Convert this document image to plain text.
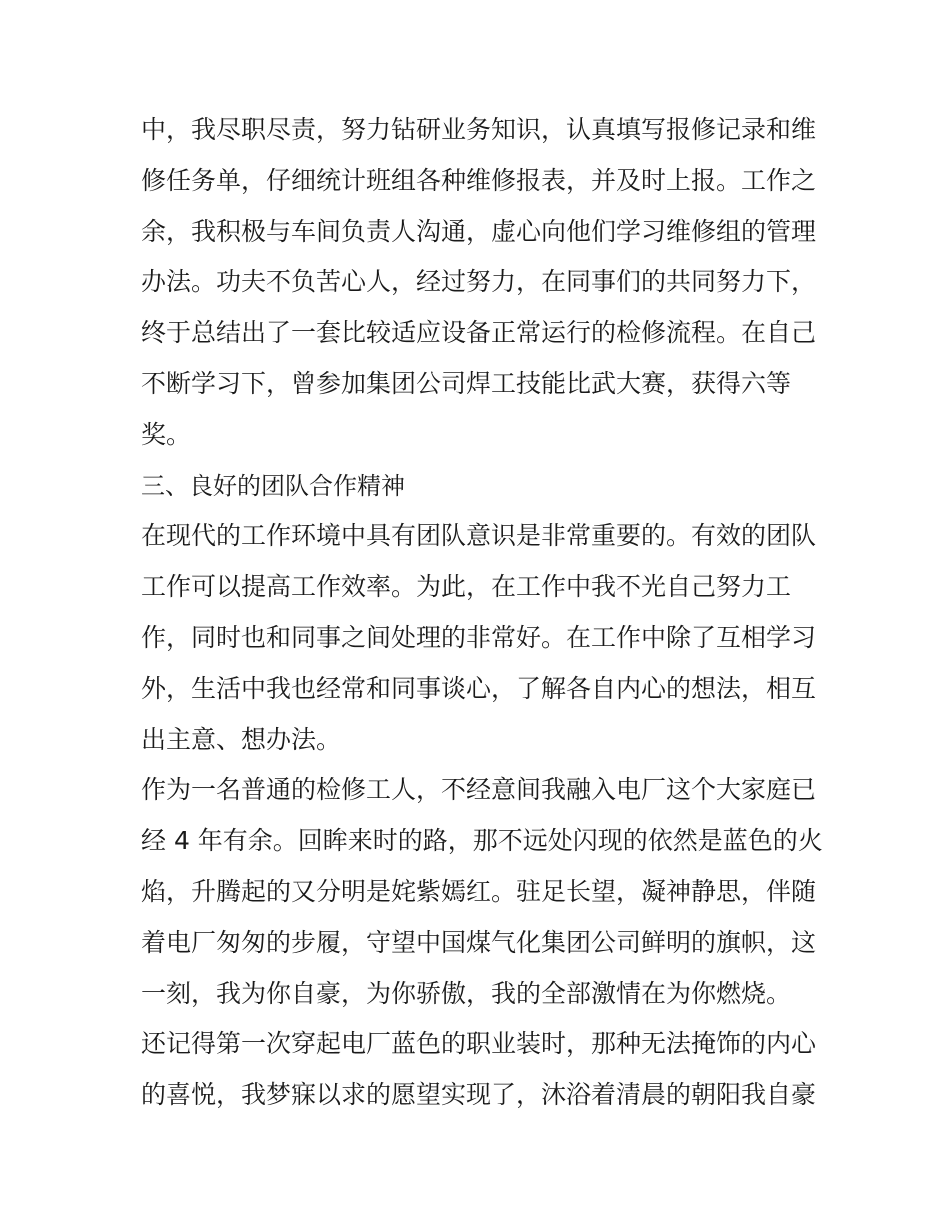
中，我尽职尽责，努力钻研业务知识，认真填写报修记录和维
修任务单，仔细统计班组各种维修报表，并及时上报。工作之
余，我积极与车间负责人沟通，虚心向他们学习维修组的管理
办法。功夫不负苦心人，经过努力，在同事们的共同努力下，
终于总结出了一套比较适应设备正常运行的检修流程。在自己
不断学习下，曾参加集团公司焊工技能比武大赛，获得六等
奖。
三、良好的团队合作精神
在现代的工作环境中具有团队意识是非常重要的。有效的团队
工作可以提高工作效率。为此，在工作中我不光自己努力工
作，同时也和同事之间处理的非常好。在工作中除了互相学习
外，生活中我也经常和同事谈心，了解各自内心的想法，相互
出主意、想办法。
作为一名普通的检修工人，不经意间我融入电厂这个大家庭已
经 4 年有余。回眸来时的路，那不远处闪现的依然是蓝色的火
焰，升腾起的又分明是姹紫嫣红。驻足长望，凝神静思，伴随
着电厂匆匆的步履，守望中国煤气化集团公司鲜明的旗帜，这
一刻，我为你自豪，为你骄傲，我的全部激情在为你燃烧。
还记得第一次穿起电厂蓝色的职业装时，那种无法掩饰的内心
的喜悦，我梦寐以求的愿望实现了，沐浴着清晨的朝阳我自豪
